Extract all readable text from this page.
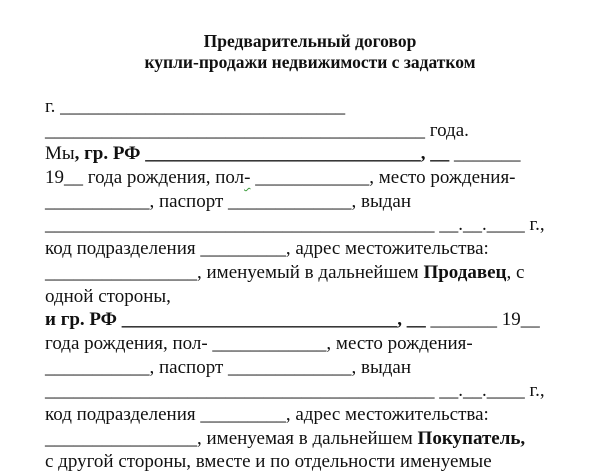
Предварительный договор
купли-продажи недвижимости с задатком
г. ______________________________
________________________________________ года.
Мы, гр. РФ _____________________________, __ _______
19__ года рождения, пол- ____________, место рождения-
___________, паспорт _____________, выдан
_________________________________________ __.__.____ г.,
код подразделения _________, адрес местожительства:
________________, именуемый в дальнейшем Продавец, с
одной стороны,
и гр. РФ _____________________________, __ _______ 19__
года рождения, пол- ____________, место рождения-
___________, паспорт _____________, выдан
_________________________________________ __.__.____ г.,
код подразделения _________, адрес местожительства:
________________, именуемая в дальнейшем Покупатель,
с другой стороны, вместе и по отдельности именуемые
